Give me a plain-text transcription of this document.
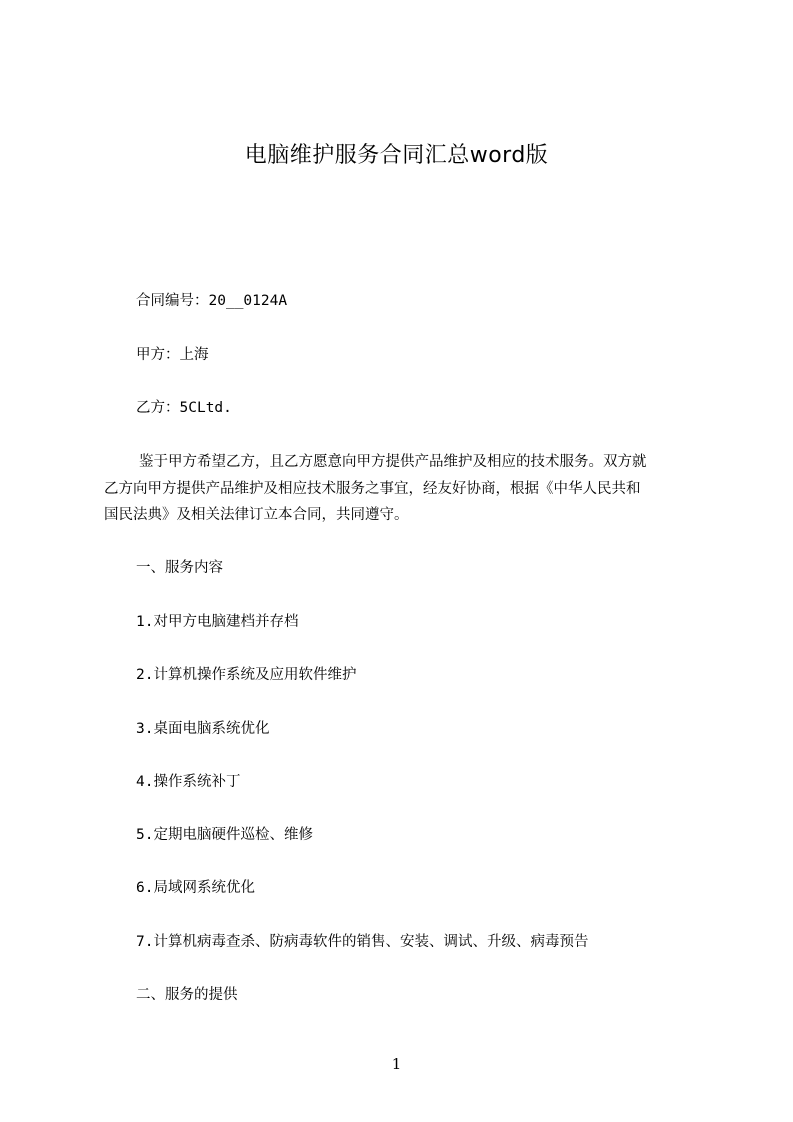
电脑维护服务合同汇总word版
合同编号：20__0124A
甲方：上海
乙方：5CLtd.
鉴于甲方希望乙方，且乙方愿意向甲方提供产品维护及相应的技术服务。双方就
乙方向甲方提供产品维护及相应技术服务之事宜，经友好协商，根据《中华人民共和
国民法典》及相关法律订立本合同，共同遵守。
一、服务内容
1.对甲方电脑建档并存档
2.计算机操作系统及应用软件维护
3.桌面电脑系统优化
4.操作系统补丁
5.定期电脑硬件巡检、维修
6.局域网系统优化
7.计算机病毒查杀、防病毒软件的销售、安装、调试、升级、病毒预告
二、服务的提供
1
